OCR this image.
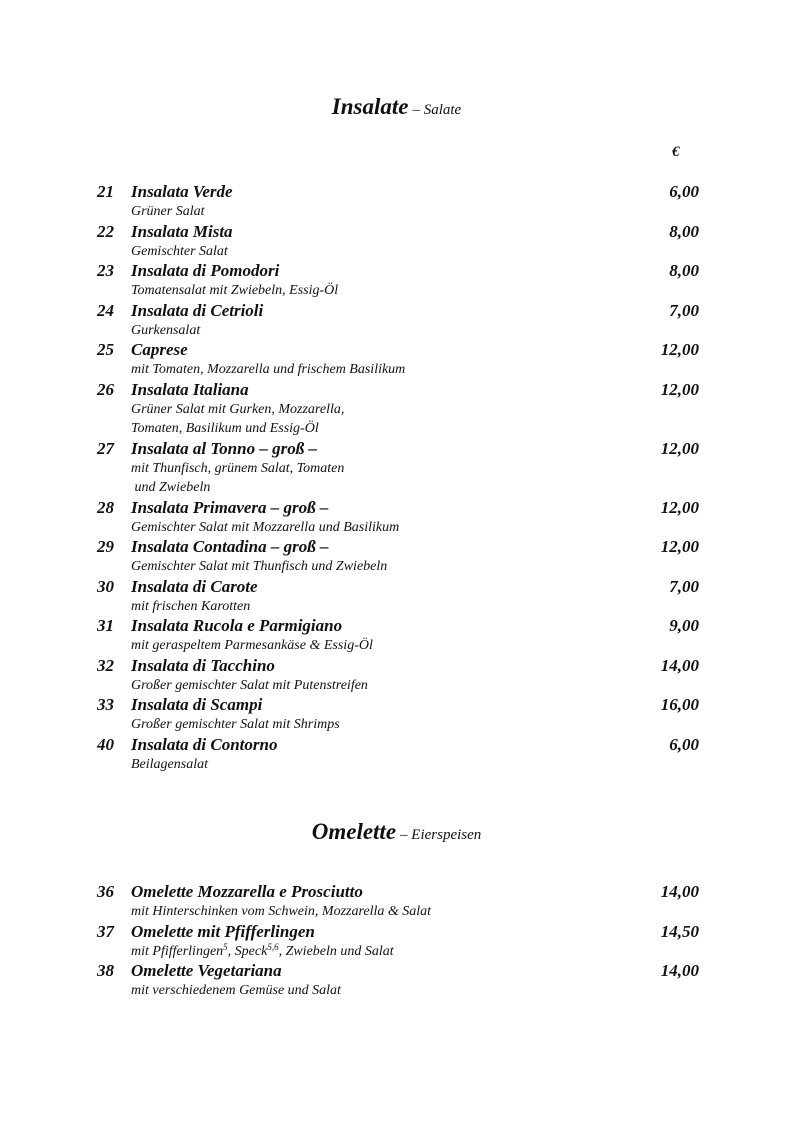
Insalate – Salate
€
21 Insalata Verde	6,00
Grüner Salat
22 Insalata Mista	8,00
Gemischter Salat
23 Insalata di Pomodori	8,00
Tomatensalat mit Zwiebeln, Essig-Öl
24 Insalata di Cetrioli	7,00
Gurkensalat
25 Caprese	12,00
mit Tomaten, Mozzarella und frischem Basilikum
26 Insalata Italiana	12,00
Grüner Salat mit Gurken, Mozzarella,
Tomaten, Basilikum und Essig-Öl
27 Insalata al Tonno – groß –	12,00
mit Thunfisch, grünem Salat, Tomaten
und Zwiebeln
28 Insalata Primavera – groß –	12,00
Gemischter Salat mit Mozzarella und Basilikum
29 Insalata Contadina – groß –	12,00
Gemischter Salat mit Thunfisch und Zwiebeln
30 Insalata di Carote	7,00
mit frischen Karotten
31 Insalata Rucola e Parmigiano	9,00
mit geraspeltem Parmesankäse & Essig-Öl
32 Insalata di Tacchino	14,00
Großer gemischter Salat mit Putenstreifen
33 Insalata di Scampi	16,00
Großer gemischter Salat mit Shrimps
40 Insalata di Contorno	6,00
Beilagensalat
Omelette – Eierspeisen
36 Omelette Mozzarella e Prosciutto	14,00
mit Hinterschinken vom Schwein, Mozzarella & Salat
37 Omelette mit Pfifferlingen	14,50
mit Pfifferlingen$^5$, Speck$^{5,6}$, Zwiebeln und Salat
38 Omelette Vegetariana	14,00
mit verschiedenem Gemüse und Salat
